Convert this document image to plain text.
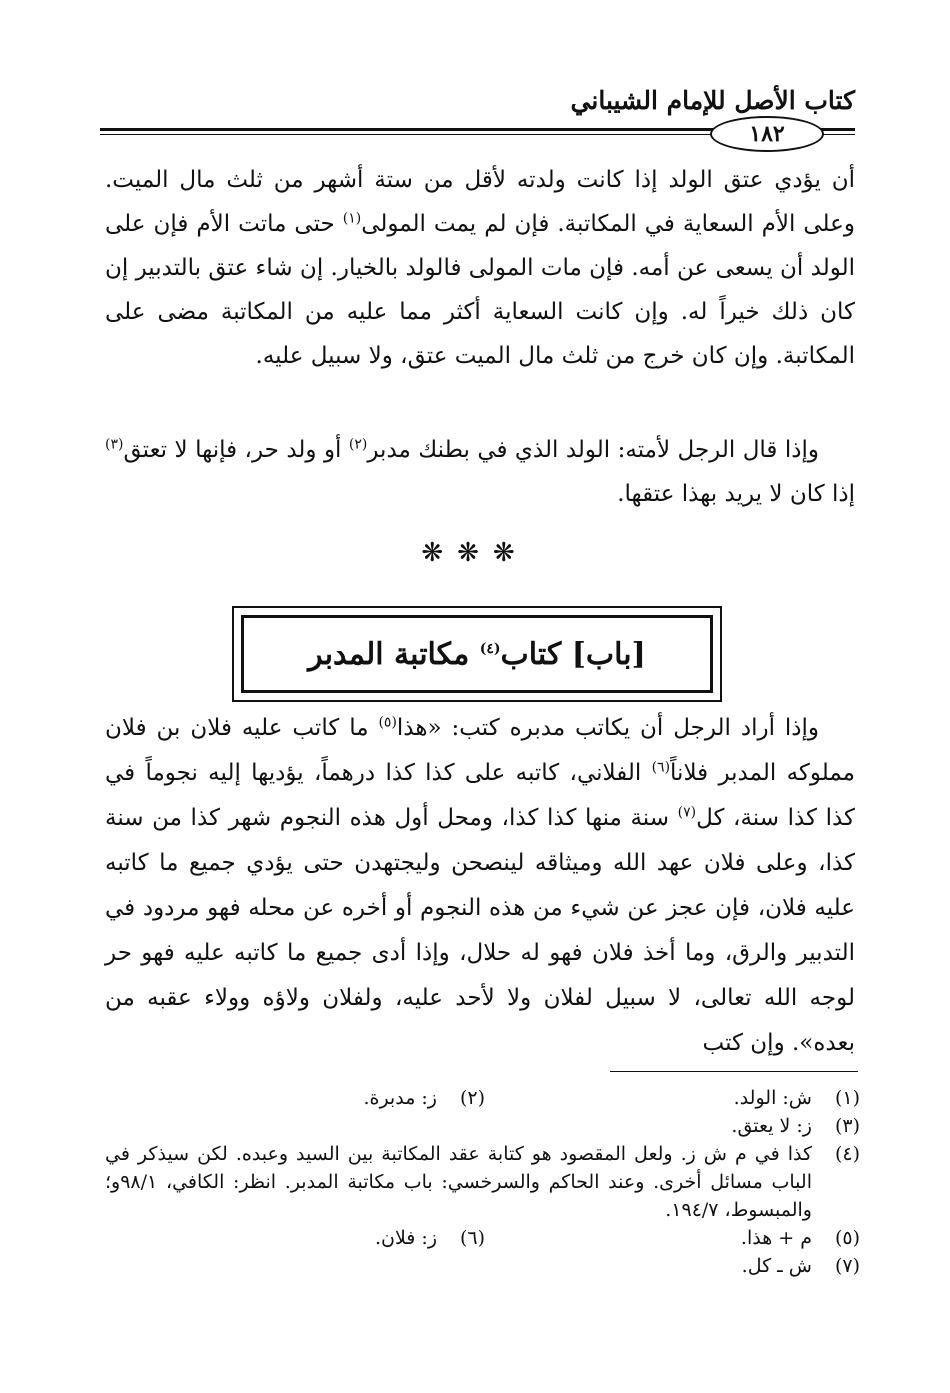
كتاب الأصل للإمام الشيباني
١٨٢

أن يؤدي عتق الولد إذا كانت ولدته لأقل من ستة أشهر من ثلث مال الميت. وعلى الأم السعاية في المكاتبة. فإن لم يمت المولى$^{(١)}$ حتى ماتت الأم فإن على الولد أن يسعى عن أمه. فإن مات المولى فالولد بالخيار. إن شاء عتق بالتدبير إن كان ذلك خيراً له. وإن كانت السعاية أكثر مما عليه من المكاتبة مضى على المكاتبة. وإن كان خرج من ثلث مال الميت عتق، ولا سبيل عليه.

وإذا قال الرجل لأمته: الولد الذي في بطنك مدبر$^{(٢)}$ أو ولد حر، فإنها لا تعتق$^{(٣)}$ إذا كان لا يريد بهذا عتقها.

❋❋❋
[باب] كتاب$^{(٤)}$ مكاتبة المدبر

وإذا أراد الرجل أن يكاتب مدبره كتب: «هذا$^{(٥)}$ ما كاتب عليه فلان بن فلان مملوكه المدبر فلاناً$^{(٦)}$ الفلاني، كاتبه على كذا كذا درهماً، يؤديها إليه نجوماً في كذا كذا سنة، كل$^{(٧)}$ سنة منها كذا كذا، ومحل أول هذه النجوم شهر كذا من سنة كذا، وعلى فلان عهد الله وميثاقه لينصحن وليجتهدن حتى يؤدي جميع ما كاتبه عليه فلان، فإن عجز عن شيء من هذه النجوم أو أخره عن محله فهو مردود في التدبير والرق، وما أخذ فلان فهو له حلال، وإذا أدى جميع ما كاتبه عليه فهو حر لوجه الله تعالى، لا سبيل لفلان ولا لأحد عليه، ولفلان ولاؤه وولاء عقبه من بعده». وإن كتب

(١)
ش: الولد.
(٢)
ز: مدبرة.
(٣)
ز: لا يعتق.
(٤)
كذا في م ش ز. ولعل المقصود هو كتابة عقد المكاتبة بين السيد وعبده. لكن سيذكر في الباب مسائل أخرى. وعند الحاكم والسرخسي: باب مكاتبة المدبر. انظر: الكافي، ٩٨/١و؛ والمبسوط، ١٩٤/٧.
(٥)
م + هذا.
(٦)
ز: فلان.
(٧)
ش ـ كل.
